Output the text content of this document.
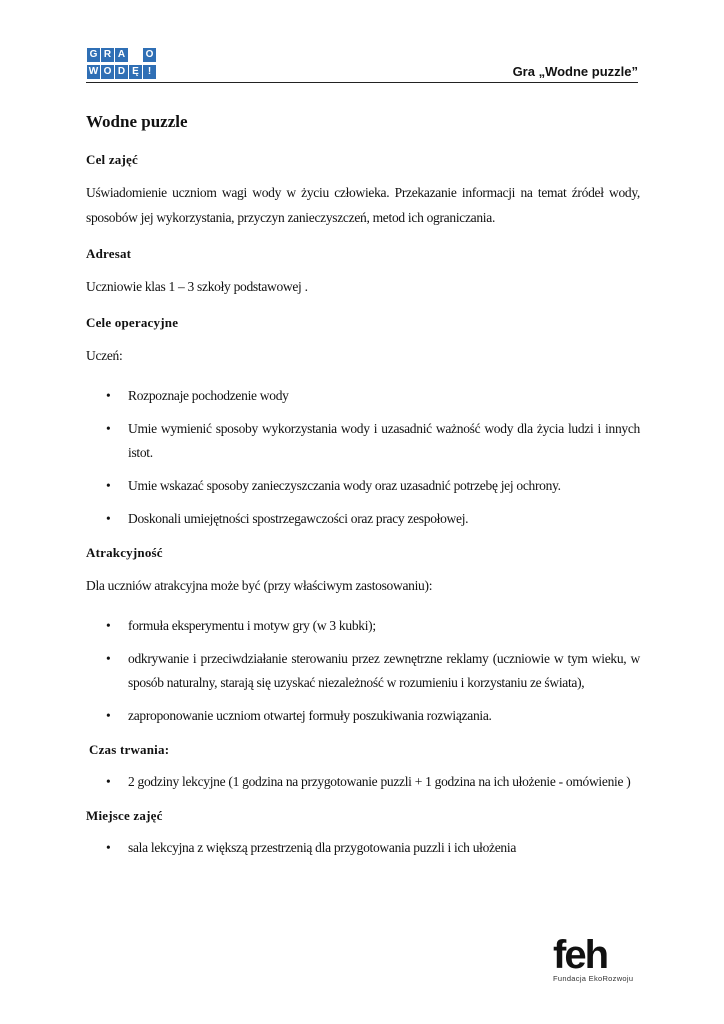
G R A O
W O D Ę !	Gra „Wodne puzzle”
Wodne puzzle
Cel zajęć

Uświadomienie uczniom wagi wody w życiu człowieka. Przekazanie informacji na temat źródeł wody, sposobów jej wykorzystania, przyczyn zanieczyszczeń, metod ich ograniczania.

Adresat

Uczniowie klas 1 – 3 szkoły podstawowej .

Cele operacyjne

Uczeń:

• Rozpoznaje pochodzenie wody
• Umie wymienić sposoby wykorzystania wody i uzasadnić ważność wody dla życia ludzi i innych istot.
• Umie wskazać sposoby zanieczyszczania wody oraz uzasadnić potrzebę jej ochrony.
• Doskonali umiejętności spostrzegawczości oraz pracy zespołowej.
Atrakcyjność

Dla uczniów atrakcyjna może być (przy właściwym zastosowaniu):

• formuła eksperymentu i motyw gry (w 3 kubki);
• odkrywanie i przeciwdziałanie sterowaniu przez zewnętrzne reklamy (uczniowie w tym wieku, w sposób naturalny, starają się uzyskać niezależność w rozumieniu i korzystaniu ze świata),
• zaproponowanie uczniom otwartej formuły poszukiwania rozwiązania.
Czas trwania:
• 2 godziny lekcyjne (1 godzina na przygotowanie puzzli + 1 godzina na ich ułożenie - omówienie )
Miejsce zajęć
• sala lekcyjna z większą przestrzenią dla przygotowania puzzli i ich ułożenia
feh
Fundacja EkoRozwoju
